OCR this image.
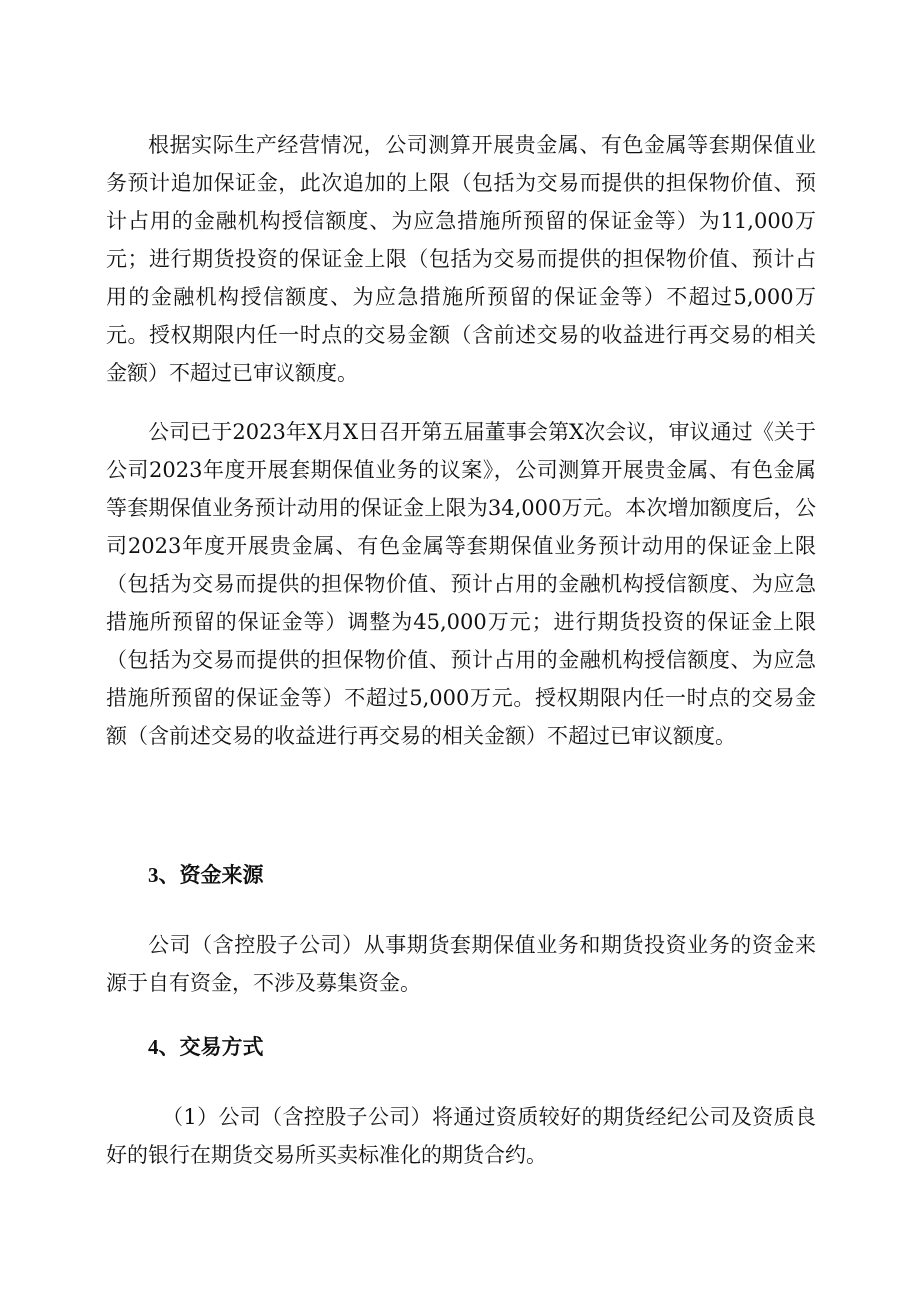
根据实际生产经营情况，公司测算开展贵金属、有色金属等套期保值业务预计追加保证金，此次追加的上限（包括为交易而提供的担保物价值、预计占用的金融机构授信额度、为应急措施所预留的保证金等）为11,000万元；进行期货投资的保证金上限（包括为交易而提供的担保物价值、预计占用的金融机构授信额度、为应急措施所预留的保证金等）不超过5,000万元。授权期限内任一时点的交易金额（含前述交易的收益进行再交易的相关金额）不超过已审议额度。

公司已于2023年X月X日召开第五届董事会第X次会议，审议通过《关于公司2023年度开展套期保值业务的议案》，公司测算开展贵金属、有色金属等套期保值业务预计动用的保证金上限为34,000万元。本次增加额度后，公司2023年度开展贵金属、有色金属等套期保值业务预计动用的保证金上限（包括为交易而提供的担保物价值、预计占用的金融机构授信额度、为应急措施所预留的保证金等）调整为45,000万元；进行期货投资的保证金上限（包括为交易而提供的担保物价值、预计占用的金融机构授信额度、为应急措施所预留的保证金等）不超过5,000万元。授权期限内任一时点的交易金额（含前述交易的收益进行再交易的相关金额）不超过已审议额度。

3、资金来源

公司（含控股子公司）从事期货套期保值业务和期货投资业务的资金来源于自有资金，不涉及募集资金。

4、交易方式

（1）公司（含控股子公司）将通过资质较好的期货经纪公司及资质良好的银行在期货交易所买卖标准化的期货合约。
